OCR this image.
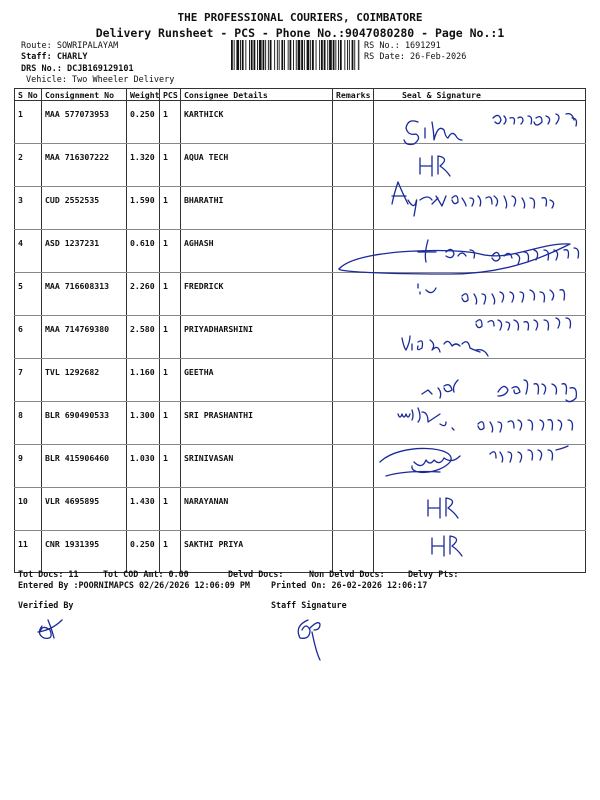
THE PROFESSIONAL COURIERS, COIMBATORE
Delivery Runsheet - PCS - Phone No.:9047080280 - Page No.:1
Route: SOWRIPALAYAM
Staff: CHARLY
DRS No.: DCJB169129101
Vehicle: Two Wheeler Delivery
RS No.: 1691291
RS Date: 26-Feb-2026
S No	Consignment No	Weight	PCS	Consignee Details	Remarks	Seal & Signature
1	MAA 577073953	0.250	1	KARTHICK		
2	MAA 716307222	1.320	1	AQUA TECH		
3	CUD 2552535	1.590	1	BHARATHI		
4	ASD 1237231	0.610	1	AGHASH		
5	MAA 716608313	2.260	1	FREDRICK		
6	MAA 714769380	2.580	1	PRIYADHARSHINI		
7	TVL 1292682	1.160	1	GEETHA		
8	BLR 690490533	1.300	1	SRI PRASHANTHI		
9	BLR 415906460	1.030	1	SRINIVASAN		
10	VLR 4695895	1.430	1	NARAYANAN		
11	CNR 1931395	0.250	1	SAKTHI PRIYA		
Tot Docs: 11	Tot COD Amt: 0.00	Delvd Docs:	Non Delvd Docs:	Delvy Pts:
Entered By :POORNIMAPCS 02/26/2026 12:06:09 PM	Printed On: 26-02-2026 12:06:17
Verified By	Staff Signature
